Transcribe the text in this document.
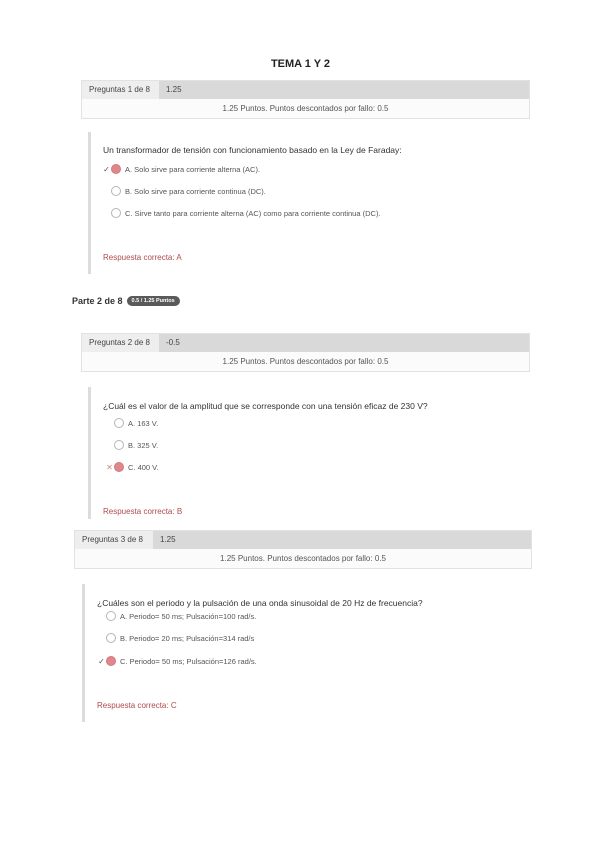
TEMA 1 Y 2
Preguntas 1 de 8	1.25
1.25 Puntos. Puntos descontados por fallo: 0.5
Un transformador de tensión con funcionamiento basado en la Ley de Faraday:
✓ A. Solo sirve para corriente alterna (AC).
B. Solo sirve para corriente continua (DC).
C. Sirve tanto para corriente alterna (AC) como para corriente continua (DC).
Respuesta correcta: A
Parte 2 de 8	0.5 / 1.25 Puntos
Preguntas 2 de 8	-0.5
1.25 Puntos. Puntos descontados por fallo: 0.5
¿Cuál es el valor de la amplitud que se corresponde con una tensión eficaz de 230 V?
A. 163 V.
B. 325 V.
✕ C. 400 V.
Respuesta correcta: B
Preguntas 3 de 8	1.25
1.25 Puntos. Puntos descontados por fallo: 0.5
¿Cuáles son el periodo y la pulsación de una onda sinusoidal de 20 Hz de frecuencia?
A. Periodo= 50 ms; Pulsación=100 rad/s.
B. Periodo= 20 ms; Pulsación=314 rad/s
✓ C. Periodo= 50 ms; Pulsación=126 rad/s.
Respuesta correcta: C
